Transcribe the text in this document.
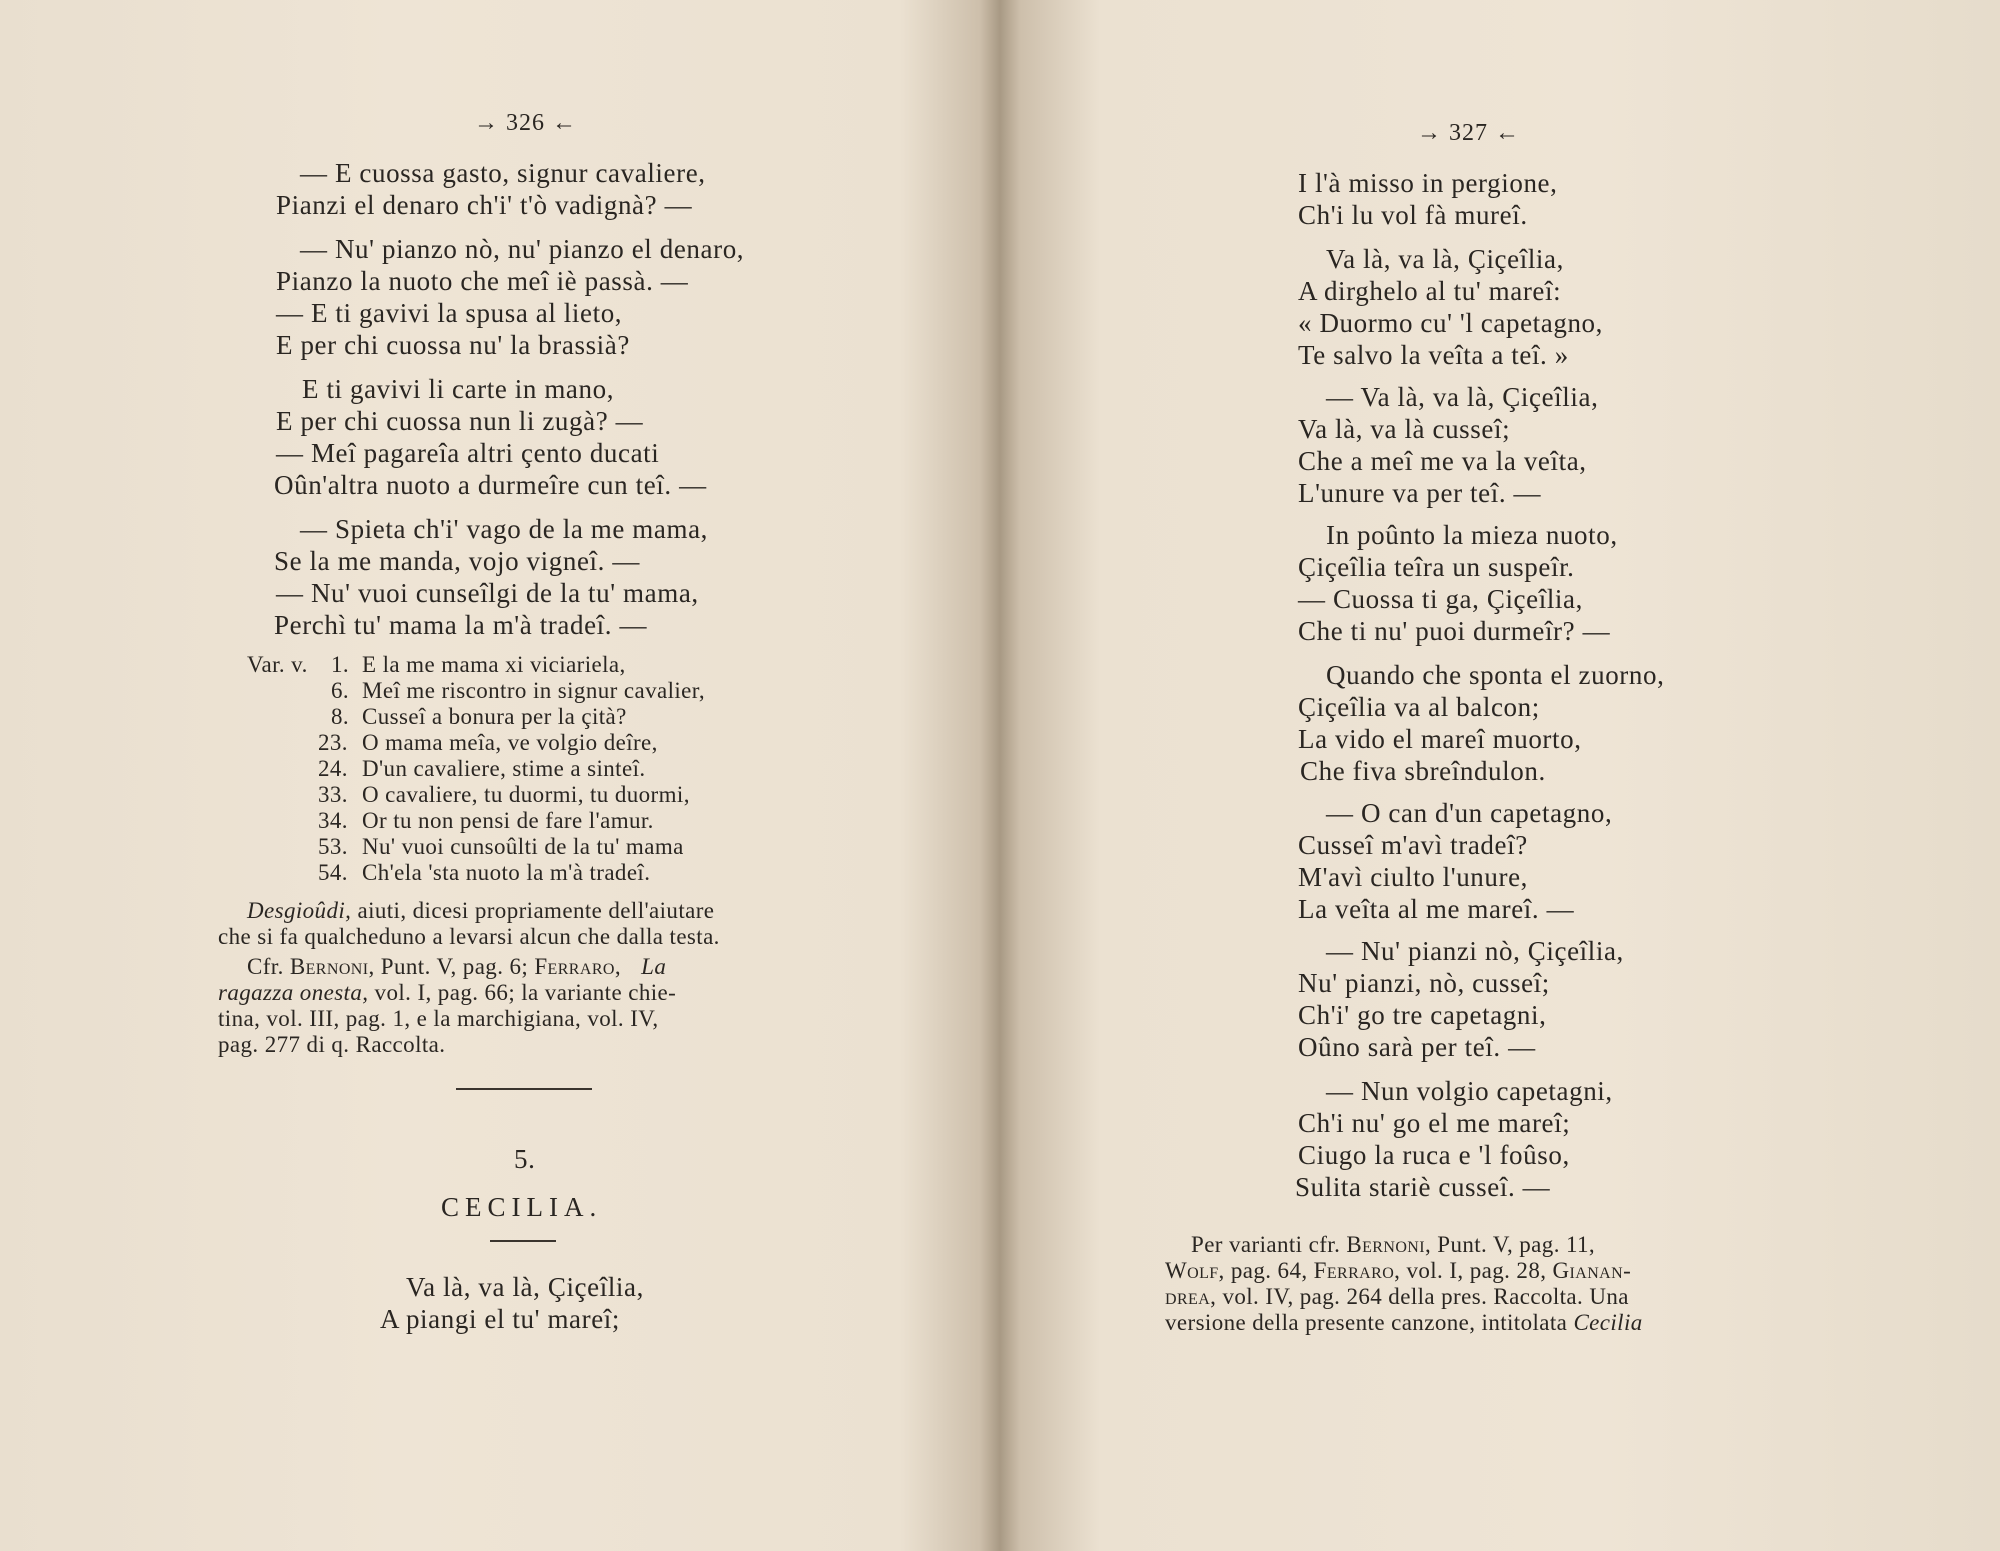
→ 326 ←
— E cuossa gasto, signur cavaliere,
Pianzi el denaro ch'i' t'ò vadignà? —
— Nu' pianzo nò, nu' pianzo el denaro,
Pianzo la nuoto che meî iè passà. —
— E ti gavivi la spusa al lieto,
E per chi cuossa nu' la brassià?
E ti gavivi li carte in mano,
E per chi cuossa nun li zugà? —
— Meî pagareîa altri çento ducati
Oûn'altra nuoto a durmeîre cun teî. —
— Spieta ch'i' vago de la me mama,
Se la me manda, vojo vigneî. —
— Nu' vuoi cunseîlgi de la tu' mama,
Perchì tu' mama la m'à tradeî. —
Var. v. 1. E la me mama xi viciariela,
6. Meî me riscontro in signur cavalier,
8. Cusseî a bonura per la çità?
23. O mama meîa, ve volgio deîre,
24. D'un cavaliere, stime a sinteî.
33. O cavaliere, tu duormi, tu duormi,
34. Or tu non pensi de fare l'amur.
53. Nu' vuoi cunsoûlti de la tu' mama
54. Ch'ela 'sta nuoto la m'à tradeî.
Desgioûdi, aiuti, dicesi propriamente dell'aiutare
che si fa qualcheduno a levarsi alcun che dalla testa.
Cfr. Bernoni, Punt. V, pag. 6; Ferraro, La
ragazza onesta, vol. I, pag. 66; la variante chie-
tina, vol. III, pag. 1, e la marchigiana, vol. IV,
pag. 277 di q. Raccolta.
5.
CECILIA.
Va là, va là, Çiçeîlia,
A piangi el tu' mareî;
→ 327 ←
I l'à misso in pergione,
Ch'i lu vol fà mureî.
Va là, va là, Çiçeîlia,
A dirghelo al tu' mareî:
« Duormo cu' 'l capetagno,
Te salvo la veîta a teî. »
— Va là, va là, Çiçeîlia,
Va là, va là cusseî;
Che a meî me va la veîta,
L'unure va per teî. —
In poûnto la mieza nuoto,
Çiçeîlia teîra un suspeîr.
— Cuossa ti ga, Çiçeîlia,
Che ti nu' puoi durmeîr? —
Quando che sponta el zuorno,
Çiçeîlia va al balcon;
La vido el mareî muorto,
Che fiva sbreîndulon.
— O can d'un capetagno,
Cusseî m'avì tradeî?
M'avì ciulto l'unure,
La veîta al me mareî. —
— Nu' pianzi nò, Çiçeîlia,
Nu' pianzi, nò, cusseî;
Ch'i' go tre capetagni,
Oûno sarà per teî. —
— Nun volgio capetagni,
Ch'i nu' go el me mareî;
Ciugo la ruca e 'l foûso,
Sulita stariè cusseî. —
Per varianti cfr. Bernoni, Punt. V, pag. 11,
Wolf, pag. 64, Ferraro, vol. I, pag. 28, Gianan-
drea, vol. IV, pag. 264 della pres. Raccolta. Una
versione della presente canzone, intitolata Cecilia
